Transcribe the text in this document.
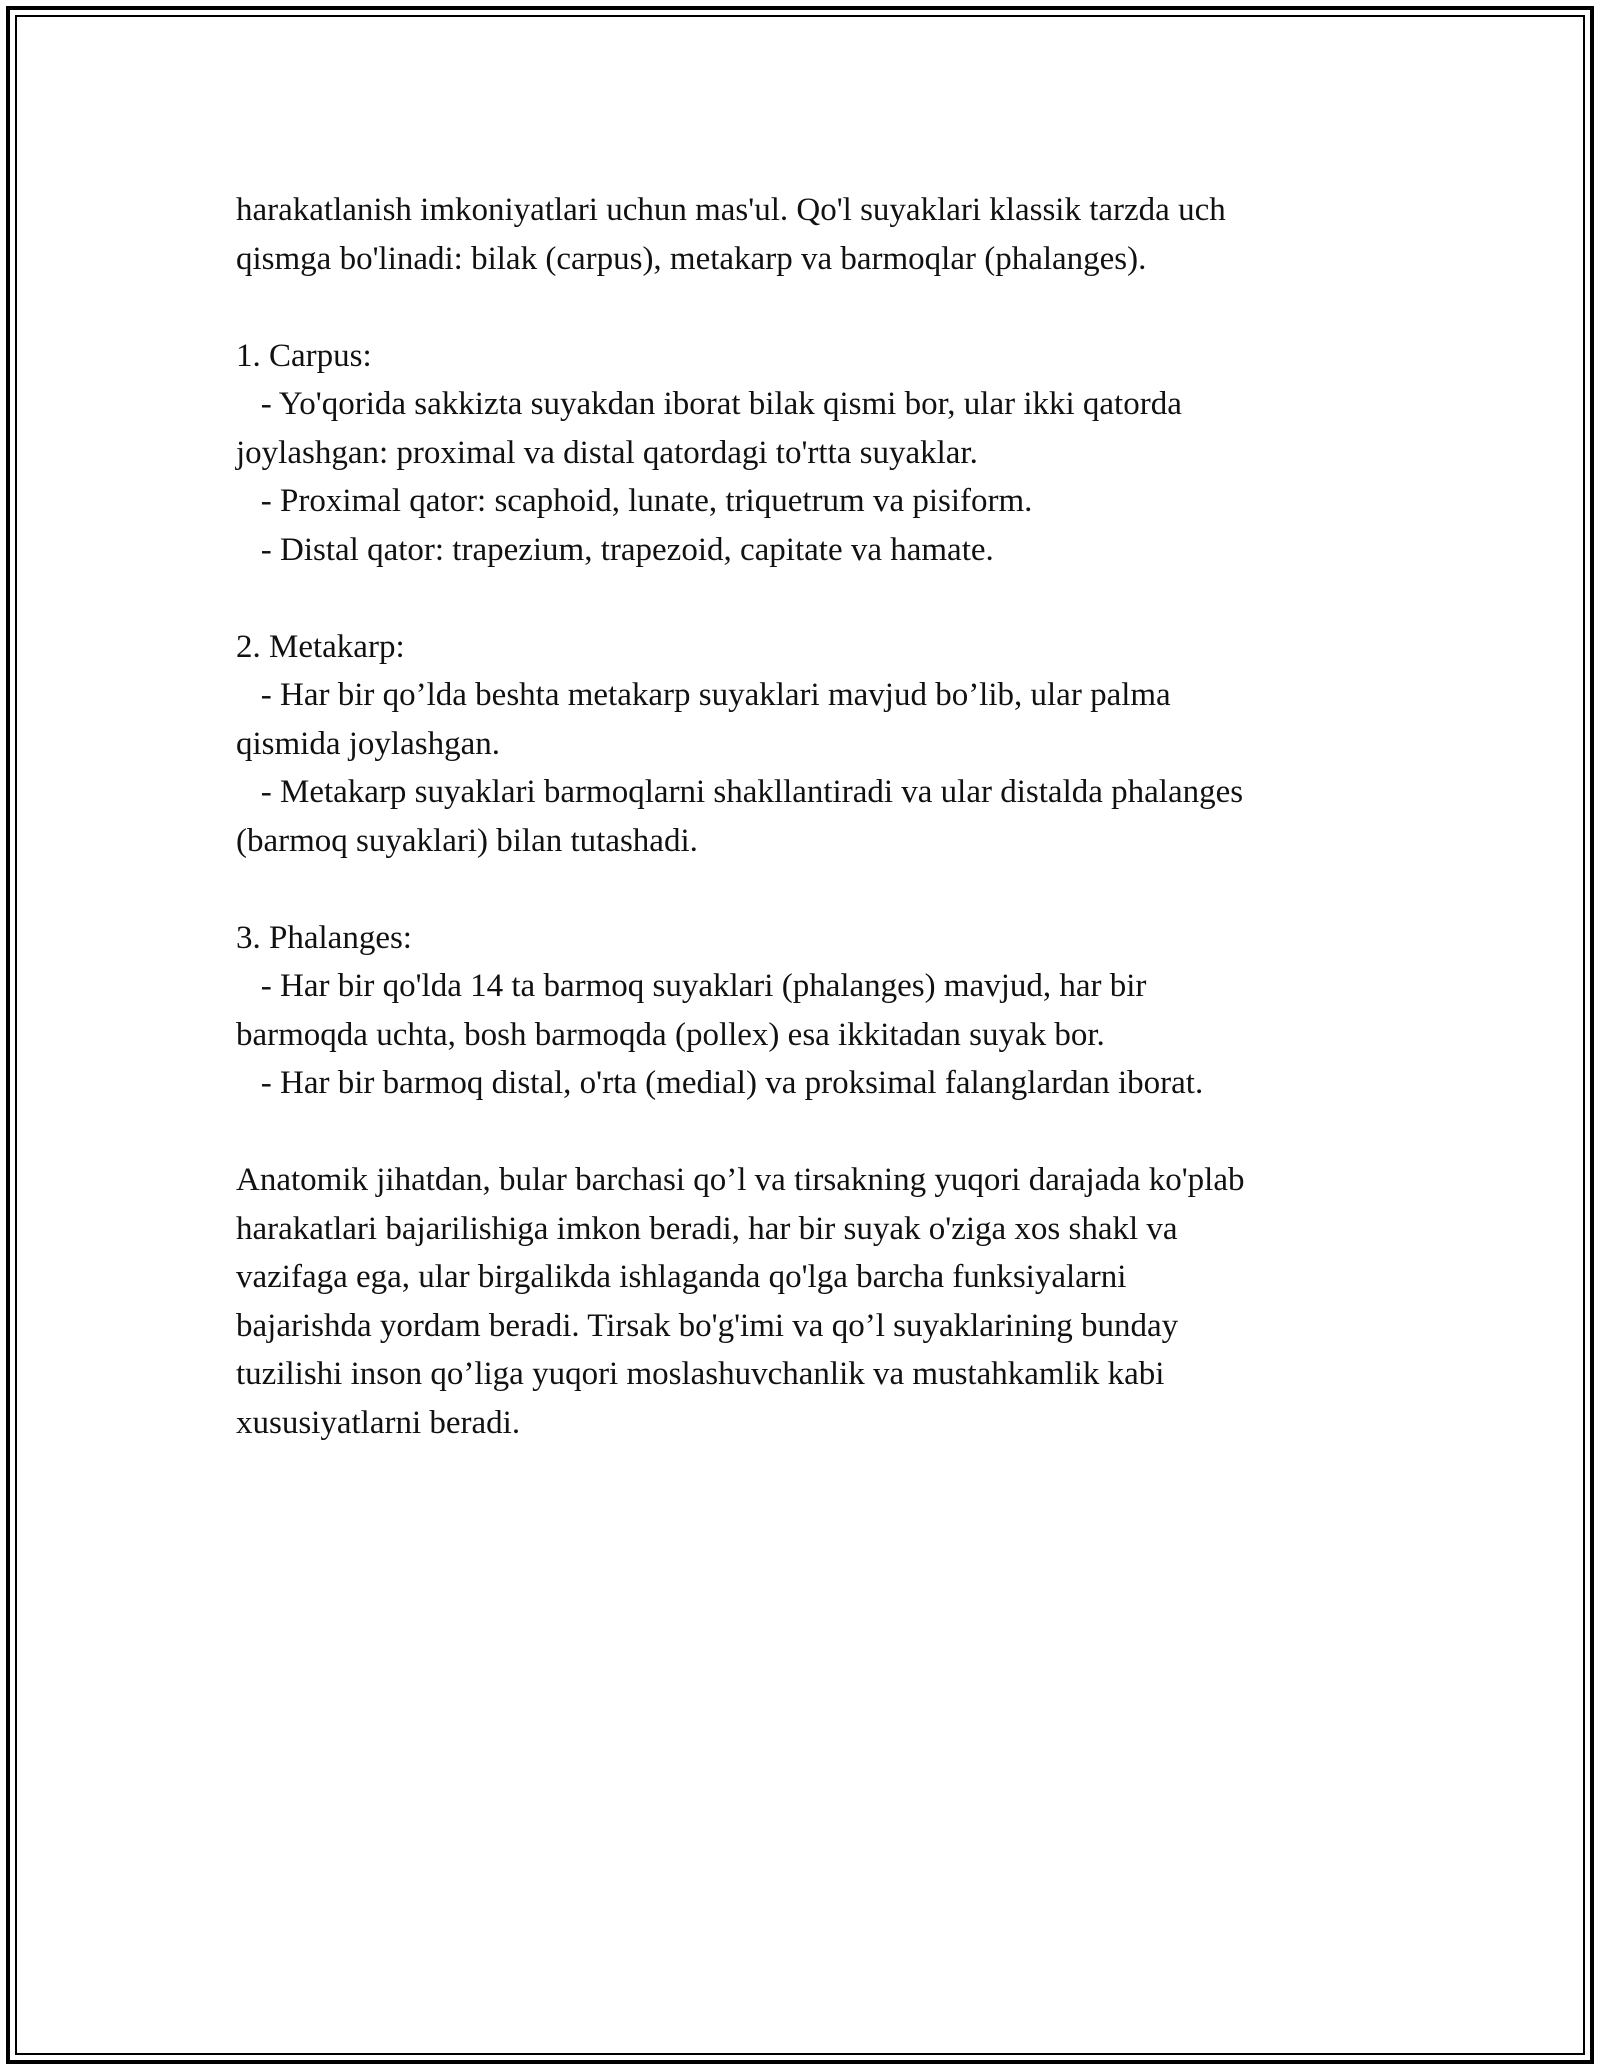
harakatlanish imkoniyatlari uchun mas'ul. Qo'l suyaklari klassik tarzda uch
qismga bo'linadi: bilak (carpus), metakarp va barmoqlar (phalanges).
1. Carpus:
- Yo'qorida sakkizta suyakdan iborat bilak qismi bor, ular ikki qatorda
joylashgan: proximal va distal qatordagi to'rtta suyaklar.
- Proximal qator: scaphoid, lunate, triquetrum va pisiform.
- Distal qator: trapezium, trapezoid, capitate va hamate.
2. Metakarp:
- Har bir qo’lda beshta metakarp suyaklari mavjud bo’lib, ular palma
qismida joylashgan.
- Metakarp suyaklari barmoqlarni shakllantiradi va ular distalda phalanges
(barmoq suyaklari) bilan tutashadi.
3. Phalanges:
- Har bir qo'lda 14 ta barmoq suyaklari (phalanges) mavjud, har bir
barmoqda uchta, bosh barmoqda (pollex) esa ikkitadan suyak bor.
- Har bir barmoq distal, o'rta (medial) va proksimal falanglardan iborat.
Anatomik jihatdan, bular barchasi qo’l va tirsakning yuqori darajada ko'plab
harakatlari bajarilishiga imkon beradi, har bir suyak o'ziga xos shakl va
vazifaga ega, ular birgalikda ishlaganda qo'lga barcha funksiyalarni
bajarishda yordam beradi. Tirsak bo'g'imi va qo’l suyaklarining bunday
tuzilishi inson qo’liga yuqori moslashuvchanlik va mustahkamlik kabi
xususiyatlarni beradi.
